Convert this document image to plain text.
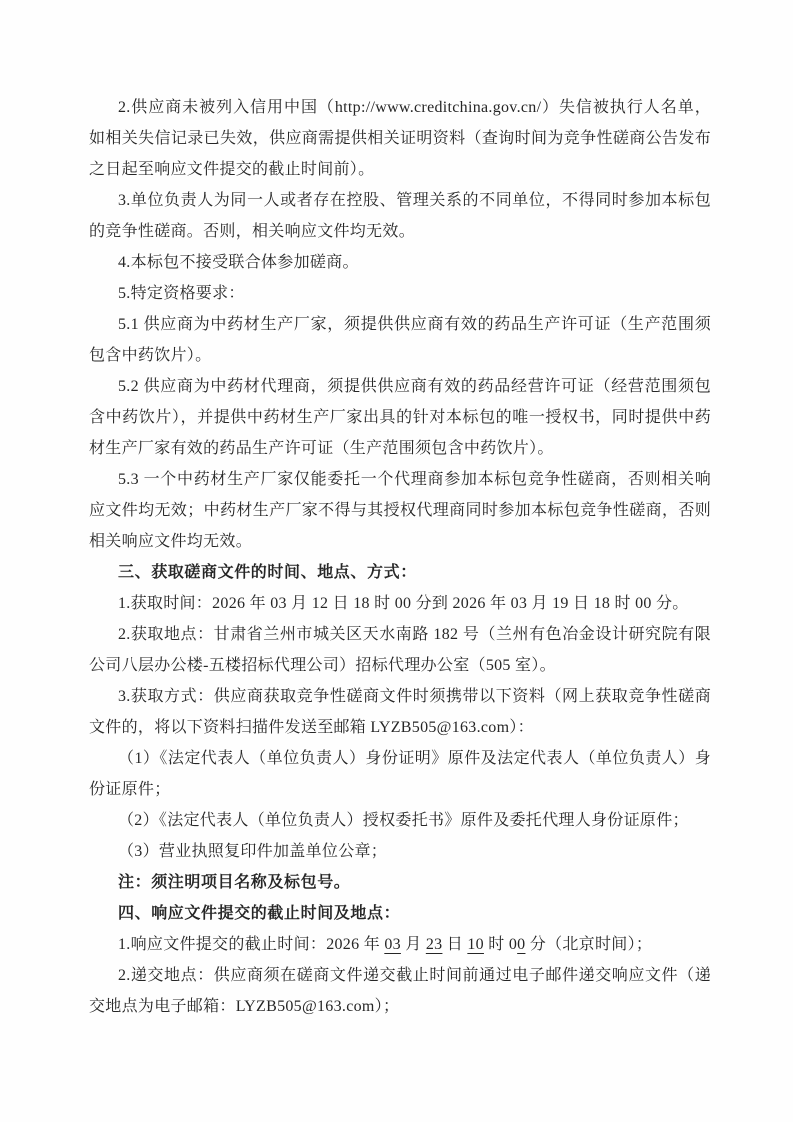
2.供应商未被列入信用中国（http://www.creditchina.gov.cn/）失信被执行人名单，如相关失信记录已失效，供应商需提供相关证明资料（查询时间为竞争性磋商公告发布之日起至响应文件提交的截止时间前）。

3.单位负责人为同一人或者存在控股、管理关系的不同单位，不得同时参加本标包的竞争性磋商。否则，相关响应文件均无效。

4.本标包不接受联合体参加磋商。

5.特定资格要求：

5.1 供应商为中药材生产厂家，须提供供应商有效的药品生产许可证（生产范围须包含中药饮片）。

5.2 供应商为中药材代理商，须提供供应商有效的药品经营许可证（经营范围须包含中药饮片），并提供中药材生产厂家出具的针对本标包的唯一授权书，同时提供中药材生产厂家有效的药品生产许可证（生产范围须包含中药饮片）。

5.3 一个中药材生产厂家仅能委托一个代理商参加本标包竞争性磋商，否则相关响应文件均无效；中药材生产厂家不得与其授权代理商同时参加本标包竞争性磋商，否则相关响应文件均无效。

三、获取磋商文件的时间、地点、方式：

1.获取时间：2026 年 03 月 12 日 18 时 00 分到 2026 年 03 月 19 日 18 时 00 分。

2.获取地点：甘肃省兰州市城关区天水南路 182 号（兰州有色冶金设计研究院有限公司八层办公楼-五楼招标代理公司）招标代理办公室（505 室）。

3.获取方式：供应商获取竞争性磋商文件时须携带以下资料（网上获取竞争性磋商文件的，将以下资料扫描件发送至邮箱 LYZB505@163.com）：

（1）《法定代表人（单位负责人）身份证明》原件及法定代表人（单位负责人）身份证原件；

（2）《法定代表人（单位负责人）授权委托书》原件及委托代理人身份证原件；

（3）营业执照复印件加盖单位公章；

注：须注明项目名称及标包号。

四、响应文件提交的截止时间及地点：

1.响应文件提交的截止时间：2026 年 03 月 23 日 10 时 00 分（北京时间）；

2.递交地点：供应商须在磋商文件递交截止时间前通过电子邮件递交响应文件（递交地点为电子邮箱：LYZB505@163.com）；
